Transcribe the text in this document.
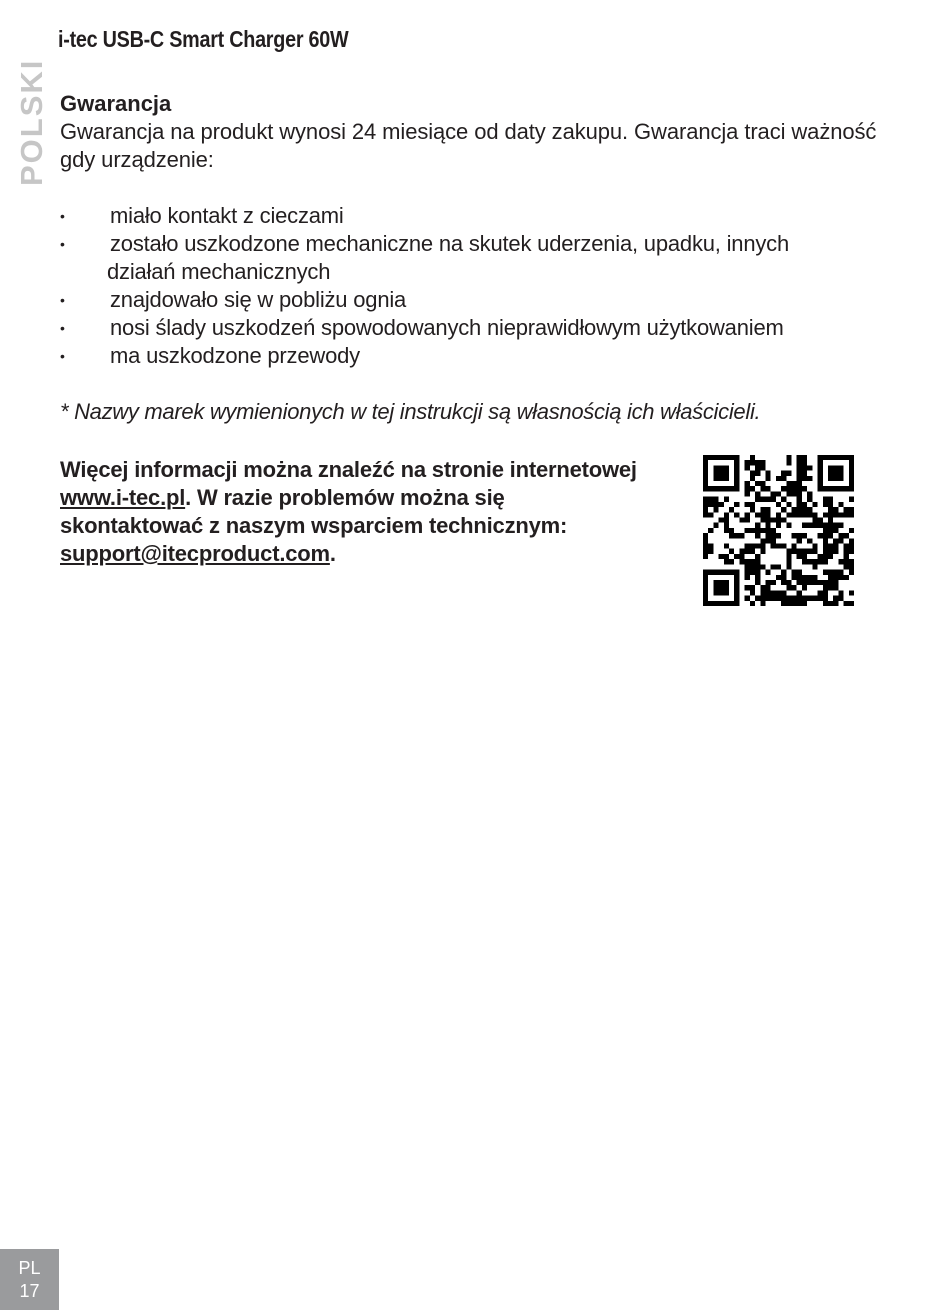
i-tec USB-C Smart Charger 60W
POLSKI Gwarancja

Gwarancja na produkt wynosi 24 miesiące od daty zakupu. Gwarancja traci ważność gdy urządzenie:

• miało kontakt z cieczami
• zostało uszkodzone mechaniczne na skutek uderzenia, upadku, innych
działań mechanicznych
• znajdowało się w pobliżu ognia
• nosi ślady uszkodzeń spowodowanych nieprawidłowym użytkowaniem
• ma uszkodzone przewody

* Nazwy marek wymienionych w tej instrukcji są własnością ich właścicieli.

Więcej informacji można znaleźć na stronie internetowej www.i-tec.pl. W razie problemów można się skontaktować z naszym wsparciem technicznym: support@itecproduct.com.
PL
17
